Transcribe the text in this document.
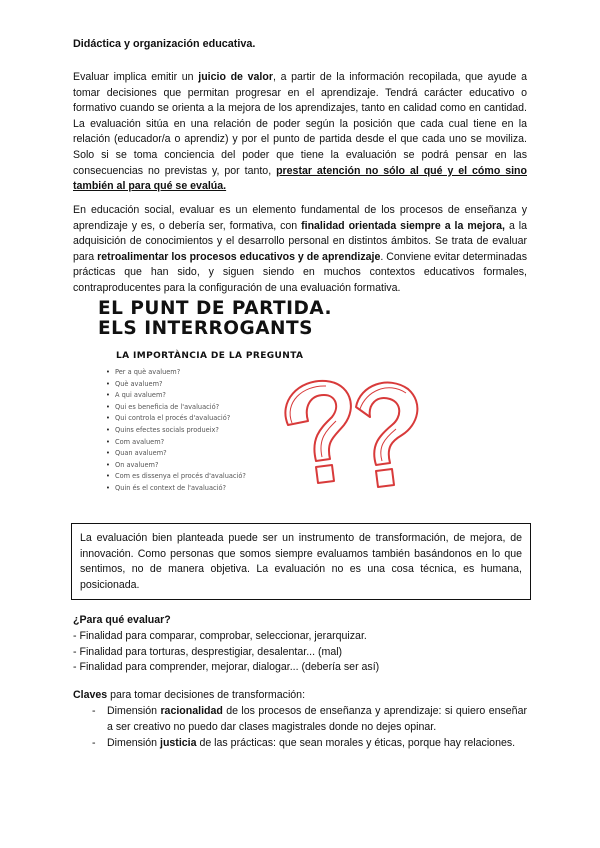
Didáctica y organización educativa.
Evaluar implica emitir un juicio de valor, a partir de la información recopilada, que ayude a tomar decisiones que permitan progresar en el aprendizaje. Tendrá carácter educativo o formativo cuando se orienta a la mejora de los aprendizajes, tanto en calidad como en cantidad. La evaluación sitúa en una relación de poder según la posición que cada cual tiene en la relación (educador/a o aprendiz) y por el punto de partida desde el que cada uno se moviliza. Solo si se toma conciencia del poder que tiene la evaluación se podrá pensar en las consecuencias no previstas y, por tanto, prestar atención no sólo al qué y el cómo sino también al para qué se evalúa.
En educación social, evaluar es un elemento fundamental de los procesos de enseñanza y aprendizaje y es, o debería ser, formativa, con finalidad orientada siempre a la mejora, a la adquisición de conocimientos y el desarrollo personal en distintos ámbitos. Se trata de evaluar para retroalimentar los procesos educativos y de aprendizaje. Conviene evitar determinadas prácticas que han sido, y siguen siendo en muchos contextos educativos formales, contraproducentes para la configuración de una evaluación formativa.
EL PUNT DE PARTIDA.
ELS INTERROGANTS
LA IMPORTÀNCIA DE LA PREGUNTA
• Per a què avaluem?
• Què avaluem?
• A qui avaluem?
• Qui es beneficia de l'avaluació?
• Qui controla el procés d'avaluació?
• Quins efectes socials produeix?
• Com avaluem?
• Quan avaluem?
• On avaluem?
• Com es dissenya el procés d'avaluació?
• Quin és el context de l'avaluació?
La evaluación bien planteada puede ser un instrumento de transformación, de mejora, de innovación. Como personas que somos siempre evaluamos también basándonos en lo que sentimos, no de manera objetiva. La evaluación no es una cosa técnica, es humana, posicionada.
¿Para qué evaluar?
- Finalidad para comparar, comprobar, seleccionar, jerarquizar.
- Finalidad para torturas, desprestigiar, desalentar... (mal)
- Finalidad para comprender, mejorar, dialogar... (debería ser así)
Claves para tomar decisiones de transformación:
- Dimensión racionalidad de los procesos de enseñanza y aprendizaje: si quiero enseñar a ser creativo no puedo dar clases magistrales donde no dejes opinar.
- Dimensión justicia de las prácticas: que sean morales y éticas, porque hay relaciones.
